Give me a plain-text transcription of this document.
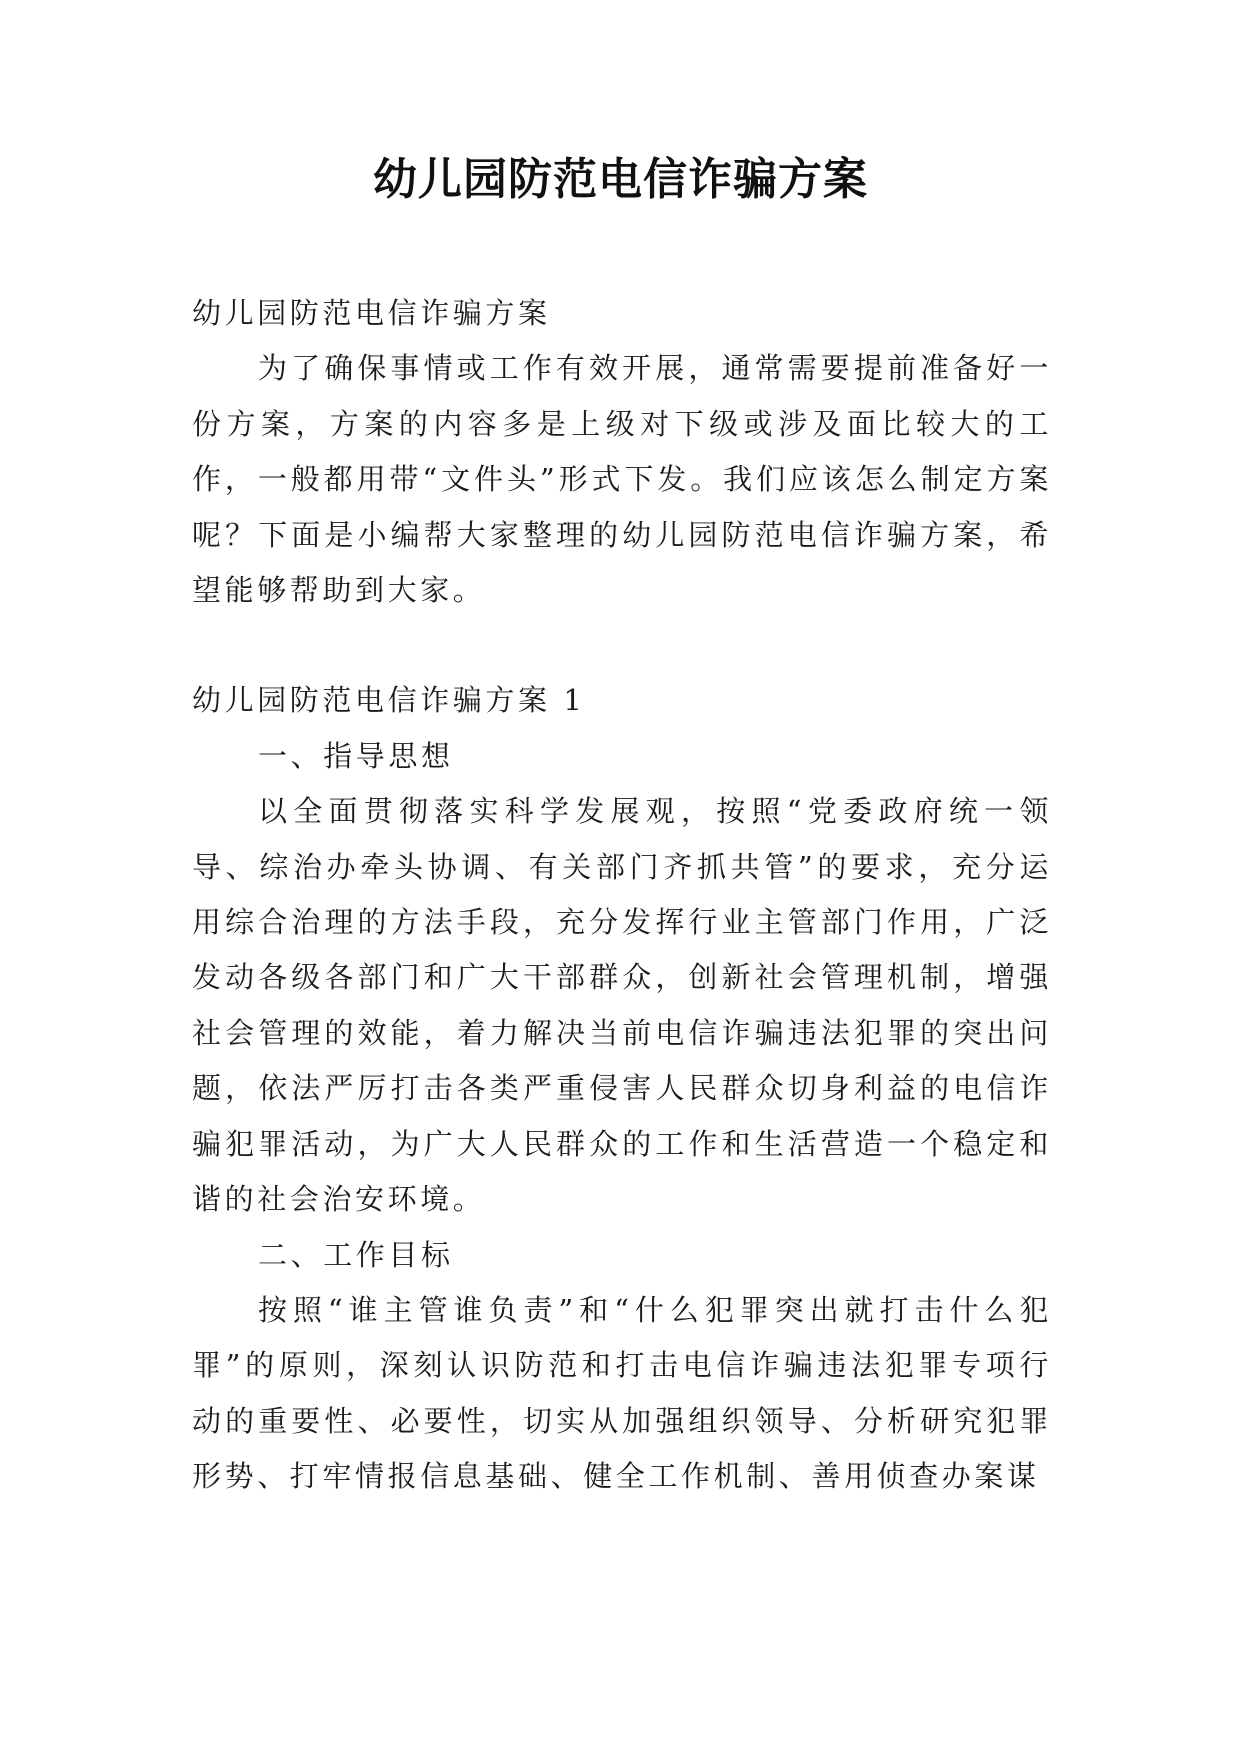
幼儿园防范电信诈骗方案

幼儿园防范电信诈骗方案

为了确保事情或工作有效开展，通常需要提前准备好一份方案，方案的内容多是上级对下级或涉及面比较大的工作，一般都用带“文件头”形式下发。我们应该怎么制定方案呢？下面是小编帮大家整理的幼儿园防范电信诈骗方案，希望能够帮助到大家。

幼儿园防范电信诈骗方案 1

一、指导思想

以全面贯彻落实科学发展观，按照“党委政府统一领导、综治办牵头协调、有关部门齐抓共管”的要求，充分运用综合治理的方法手段，充分发挥行业主管部门作用，广泛发动各级各部门和广大干部群众，创新社会管理机制，增强社会管理的效能，着力解决当前电信诈骗违法犯罪的突出问题，依法严厉打击各类严重侵害人民群众切身利益的电信诈骗犯罪活动，为广大人民群众的工作和生活营造一个稳定和谐的社会治安环境。

二、工作目标

按照“谁主管谁负责”和“什么犯罪突出就打击什么犯罪”的原则，深刻认识防范和打击电信诈骗违法犯罪专项行动的重要性、必要性，切实从加强组织领导、分析研究犯罪形势、打牢情报信息基础、健全工作机制、善用侦查办案谋
